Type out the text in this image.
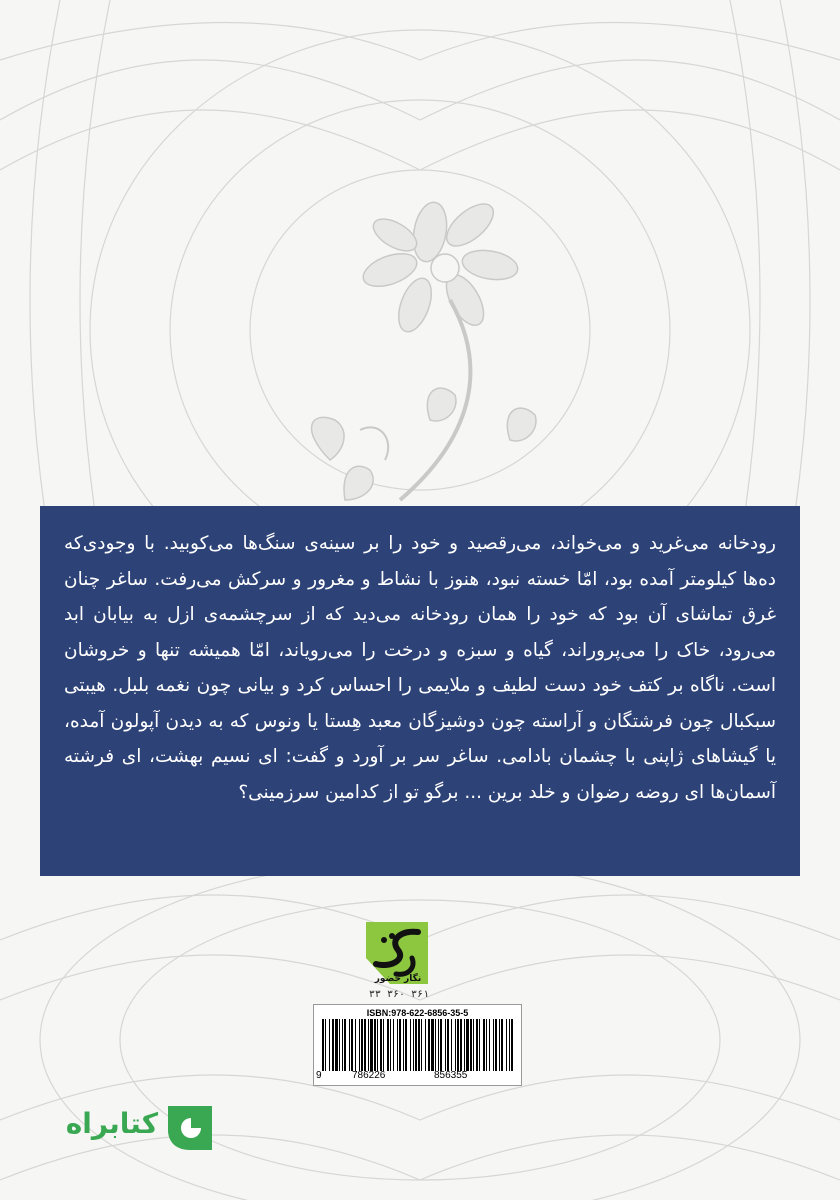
رودخانه می‌غرید و می‌خواند، می‌رقصید و خود را بر سینه‌ی سنگ‌ها می‌کوبید. با وجودی‌که ده‌ها کیلومتر آمده بود، امّا خسته نبود، هنوز با نشاط و مغرور و سرکش می‌رفت. ساغر چنان غرق تماشای آن بود که خود را همان رودخانه می‌دید که از سرچشمه‌ی ازل به بیابان ابد می‌رود، خاک را می‌پروراند، گیاه و سبزه و درخت را می‌رویاند، امّا همیشه تنها و خروشان است. ناگاه بر کتف خود دست لطیف و ملایمی را احساس کرد و بیانی چون نغمه بلبل. هیبتی سبکبال چون فرشتگان و آراسته چون دوشیزگان معبد هِستا یا ونوس که به دیدن آپولون آمده، یا گیشاهای ژاپنی با چشمان بادامی. ساغر سر بر آورد و گفت: ای نسیم بهشت، ای فرشته آسمان‌ها ای روضه رضوان و خلد برین ... برگو تو از کدامین سرزمینی؟

نگار حضور
۳۳ ۳۶۰ ۳۶۱
ISBN:978-622-6856-35-5
9	786226	856355
کتابراه
